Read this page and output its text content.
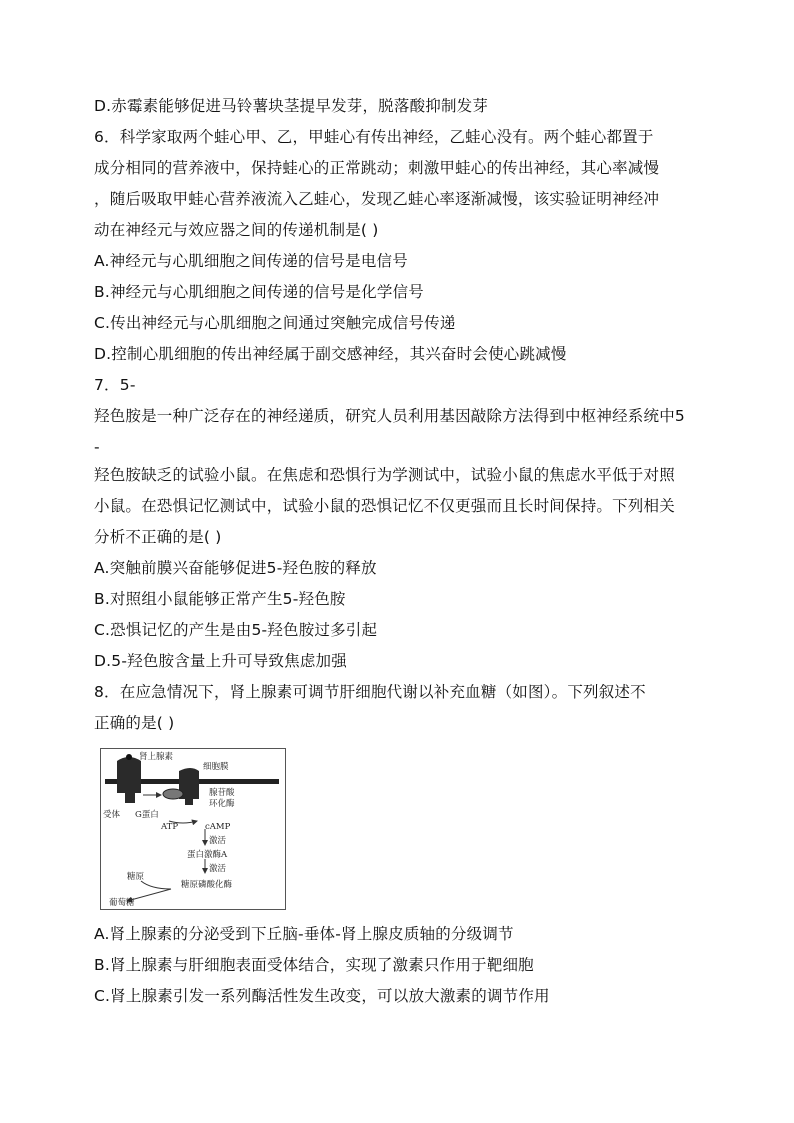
D.赤霉素能够促进马铃薯块茎提早发芽，脱落酸抑制发芽
6．科学家取两个蛙心甲、乙，甲蛙心有传出神经，乙蛙心没有。两个蛙心都置于
成分相同的营养液中，保持蛙心的正常跳动；刺激甲蛙心的传出神经，其心率减慢
，随后吸取甲蛙心营养液流入乙蛙心，发现乙蛙心率逐渐减慢，该实验证明神经冲
动在神经元与效应器之间的传递机制是( )
A.神经元与心肌细胞之间传递的信号是电信号
B.神经元与心肌细胞之间传递的信号是化学信号
C.传出神经元与心肌细胞之间通过突触完成信号传递
D.控制心肌细胞的传出神经属于副交感神经，其兴奋时会使心跳减慢
7．5-
羟色胺是一种广泛存在的神经递质，研究人员利用基因敲除方法得到中枢神经系统中5
-
羟色胺缺乏的试验小鼠。在焦虑和恐惧行为学测试中，试验小鼠的焦虑水平低于对照
小鼠。在恐惧记忆测试中，试验小鼠的恐惧记忆不仅更强而且长时间保持。下列相关
分析不正确的是( )
A.突触前膜兴奋能够促进5-羟色胺的释放
B.对照组小鼠能够正常产生5-羟色胺
C.恐惧记忆的产生是由5-羟色胺过多引起
D.5-羟色胺含量上升可导致焦虑加强
8．在应急情况下，肾上腺素可调节肝细胞代谢以补充血糖（如图）。下列叙述不
正确的是( )
肾上腺素
细胞膜
受体 G蛋白
腺苷酸
环化酶
ATP	cAMP
激活
蛋白激酶A
激活
糖原
糖原磷酸化酶
葡萄糖
A.肾上腺素的分泌受到下丘脑-垂体-肾上腺皮质轴的分级调节
B.肾上腺素与肝细胞表面受体结合，实现了激素只作用于靶细胞
C.肾上腺素引发一系列酶活性发生改变，可以放大激素的调节作用
